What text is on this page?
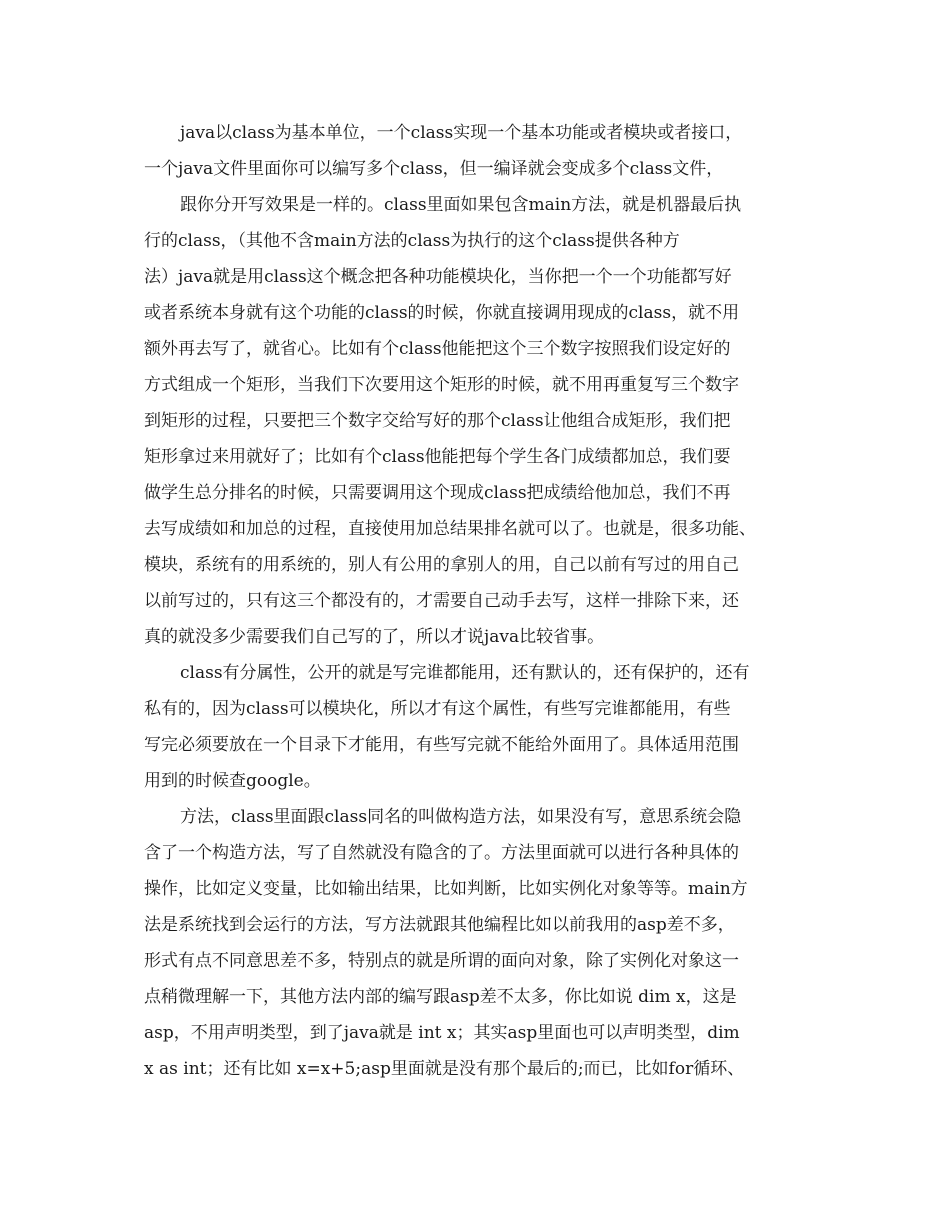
java以class为基本单位，一个class实现一个基本功能或者模块或者接口，

一个java文件里面你可以编写多个class，但一编译就会变成多个class文件，

跟你分开写效果是一样的。class里面如果包含main方法，就是机器最后执

行的class，（其他不含main方法的class为执行的这个class提供各种方

法）java就是用class这个概念把各种功能模块化，当你把一个一个功能都写好

或者系统本身就有这个功能的class的时候，你就直接调用现成的class，就不用

额外再去写了，就省心。比如有个class他能把这个三个数字按照我们设定好的

方式组成一个矩形，当我们下次要用这个矩形的时候，就不用再重复写三个数字

到矩形的过程，只要把三个数字交给写好的那个class让他组合成矩形，我们把

矩形拿过来用就好了；比如有个class他能把每个学生各门成绩都加总，我们要

做学生总分排名的时候，只需要调用这个现成class把成绩给他加总，我们不再

去写成绩如和加总的过程，直接使用加总结果排名就可以了。也就是，很多功能、

模块，系统有的用系统的，别人有公用的拿别人的用，自己以前有写过的用自己

以前写过的，只有这三个都没有的，才需要自己动手去写，这样一排除下来，还

真的就没多少需要我们自己写的了，所以才说java比较省事。

class有分属性，公开的就是写完谁都能用，还有默认的，还有保护的，还有

私有的，因为class可以模块化，所以才有这个属性，有些写完谁都能用，有些

写完必须要放在一个目录下才能用，有些写完就不能给外面用了。具体适用范围

用到的时候查google。

方法，class里面跟class同名的叫做构造方法，如果没有写，意思系统会隐

含了一个构造方法，写了自然就没有隐含的了。方法里面就可以进行各种具体的

操作，比如定义变量，比如输出结果，比如判断，比如实例化对象等等。main方

法是系统找到会运行的方法，写方法就跟其他编程比如以前我用的asp差不多，

形式有点不同意思差不多，特别点的就是所谓的面向对象，除了实例化对象这一

点稍微理解一下，其他方法内部的编写跟asp差不太多，你比如说 dim x，这是

asp，不用声明类型，到了java就是 int x；其实asp里面也可以声明类型，dim

x as int；还有比如 x=x+5;asp里面就是没有那个最后的;而已，比如for循环、
